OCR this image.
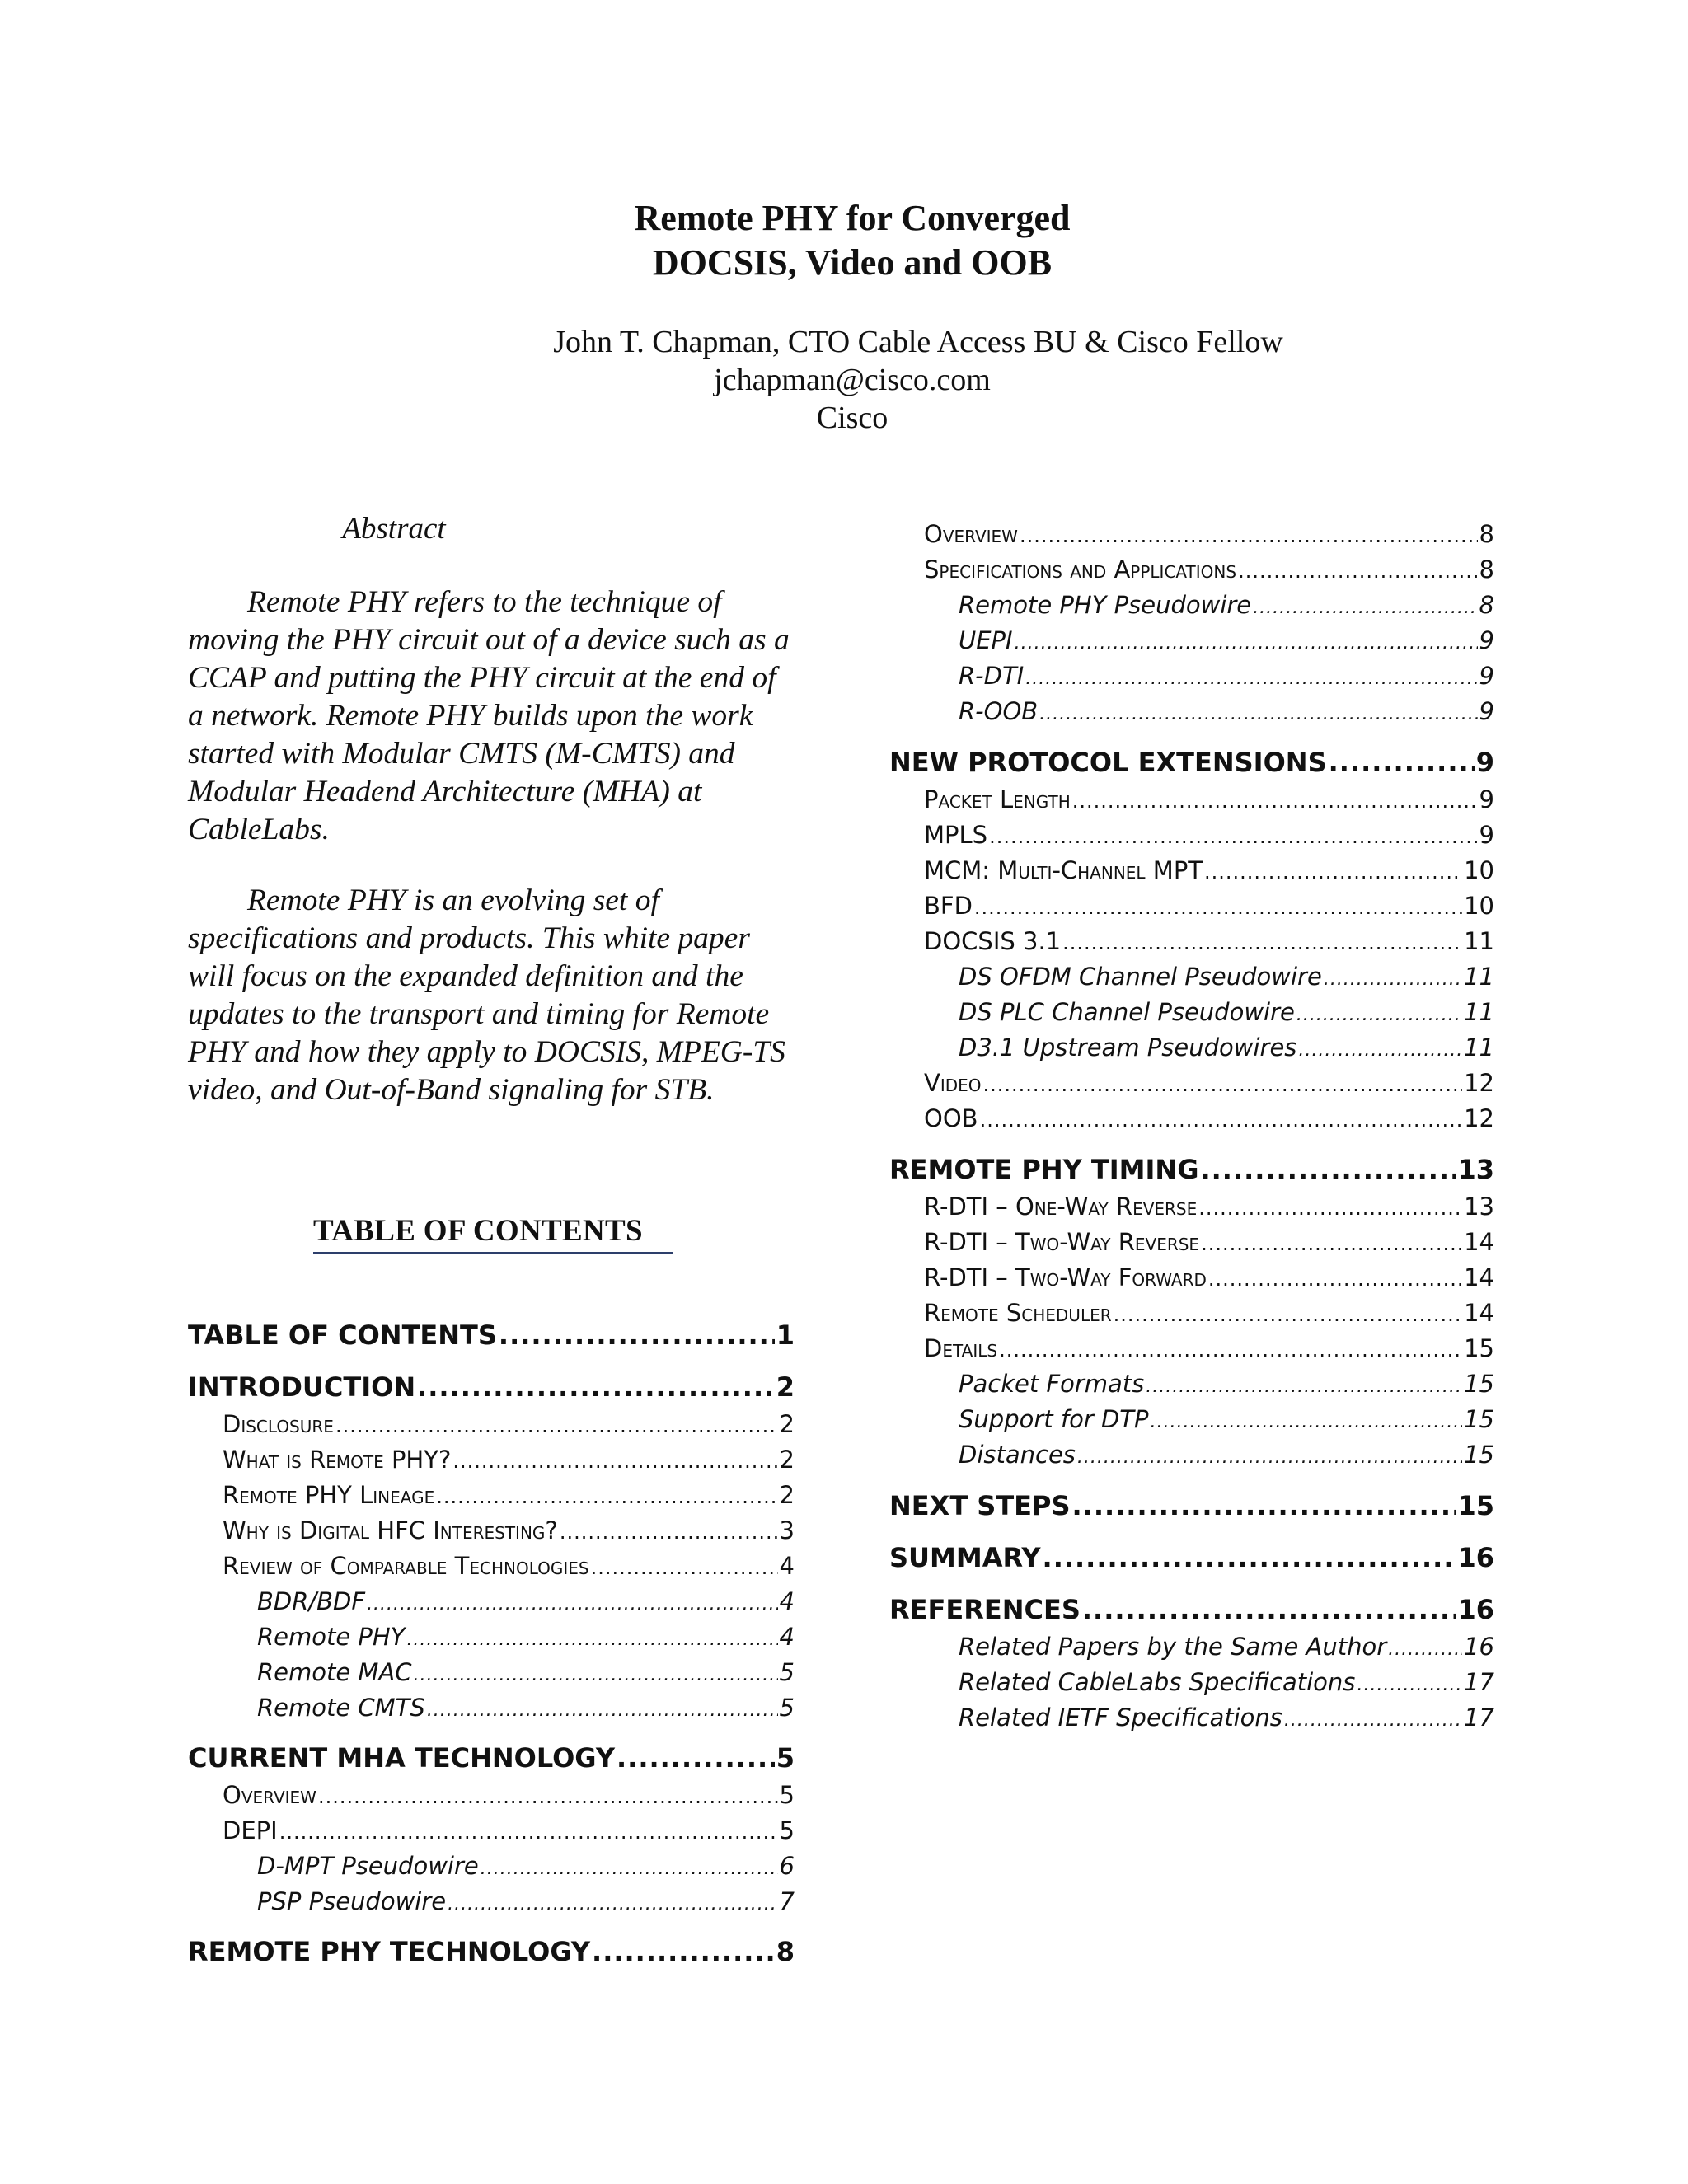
Remote PHY for Converged
DOCSIS, Video and OOB
John T. Chapman, CTO Cable Access BU & Cisco Fellow
jchapman@cisco.com
Cisco
Abstract
Remote PHY refers to the technique of moving the PHY circuit out of a device such as a CCAP and putting the PHY circuit at the end of a network. Remote PHY builds upon the work started with Modular CMTS (M-CMTS) and Modular Headend Architecture (MHA) at CableLabs.
Remote PHY is an evolving set of specifications and products. This white paper will focus on the expanded definition and the updates to the transport and timing for Remote PHY and how they apply to DOCSIS, MPEG-TS video, and Out-of-Band signaling for STB.
TABLE OF CONTENTS
TABLE OF CONTENTS .....	1
INTRODUCTION .....	2
Disclosure .....	2
What is Remote PHY? .....	2
Remote PHY Lineage .....	2
Why is Digital HFC Interesting? .....	3
Review of Comparable Technologies .....	4
BDR/BDF .....	4
Remote PHY .....	4
Remote MAC .....	5
Remote CMTS .....	5
CURRENT MHA TECHNOLOGY .....	5
Overview .....	5
DEPI .....	5
D-MPT Pseudowire .....	6
PSP Pseudowire .....	7
REMOTE PHY TECHNOLOGY .....	8
Overview .....	8
Specifications and Applications .....	8
Remote PHY Pseudowire .....	8
UEPI .....	9
R-DTI .....	9
R-OOB .....	9
NEW PROTOCOL EXTENSIONS .....	9
Packet Length .....	9
MPLS .....	9
MCM: Multi-Channel MPT .....	10
BFD .....	10
DOCSIS 3.1 .....	11
DS OFDM Channel Pseudowire .....	11
DS PLC Channel Pseudowire .....	11
D3.1 Upstream Pseudowires .....	11
Video .....	12
OOB .....	12
REMOTE PHY TIMING .....	13
R-DTI – One-Way Reverse .....	13
R-DTI – Two-Way Reverse .....	14
R-DTI – Two-Way Forward .....	14
Remote Scheduler .....	14
Details .....	15
Packet Formats .....	15
Support for DTP .....	15
Distances .....	15
NEXT STEPS .....	15
SUMMARY .....	16
REFERENCES .....	16
Related Papers by the Same Author .....	16
Related CableLabs Specifications .....	17
Related IETF Specifications .....	17
